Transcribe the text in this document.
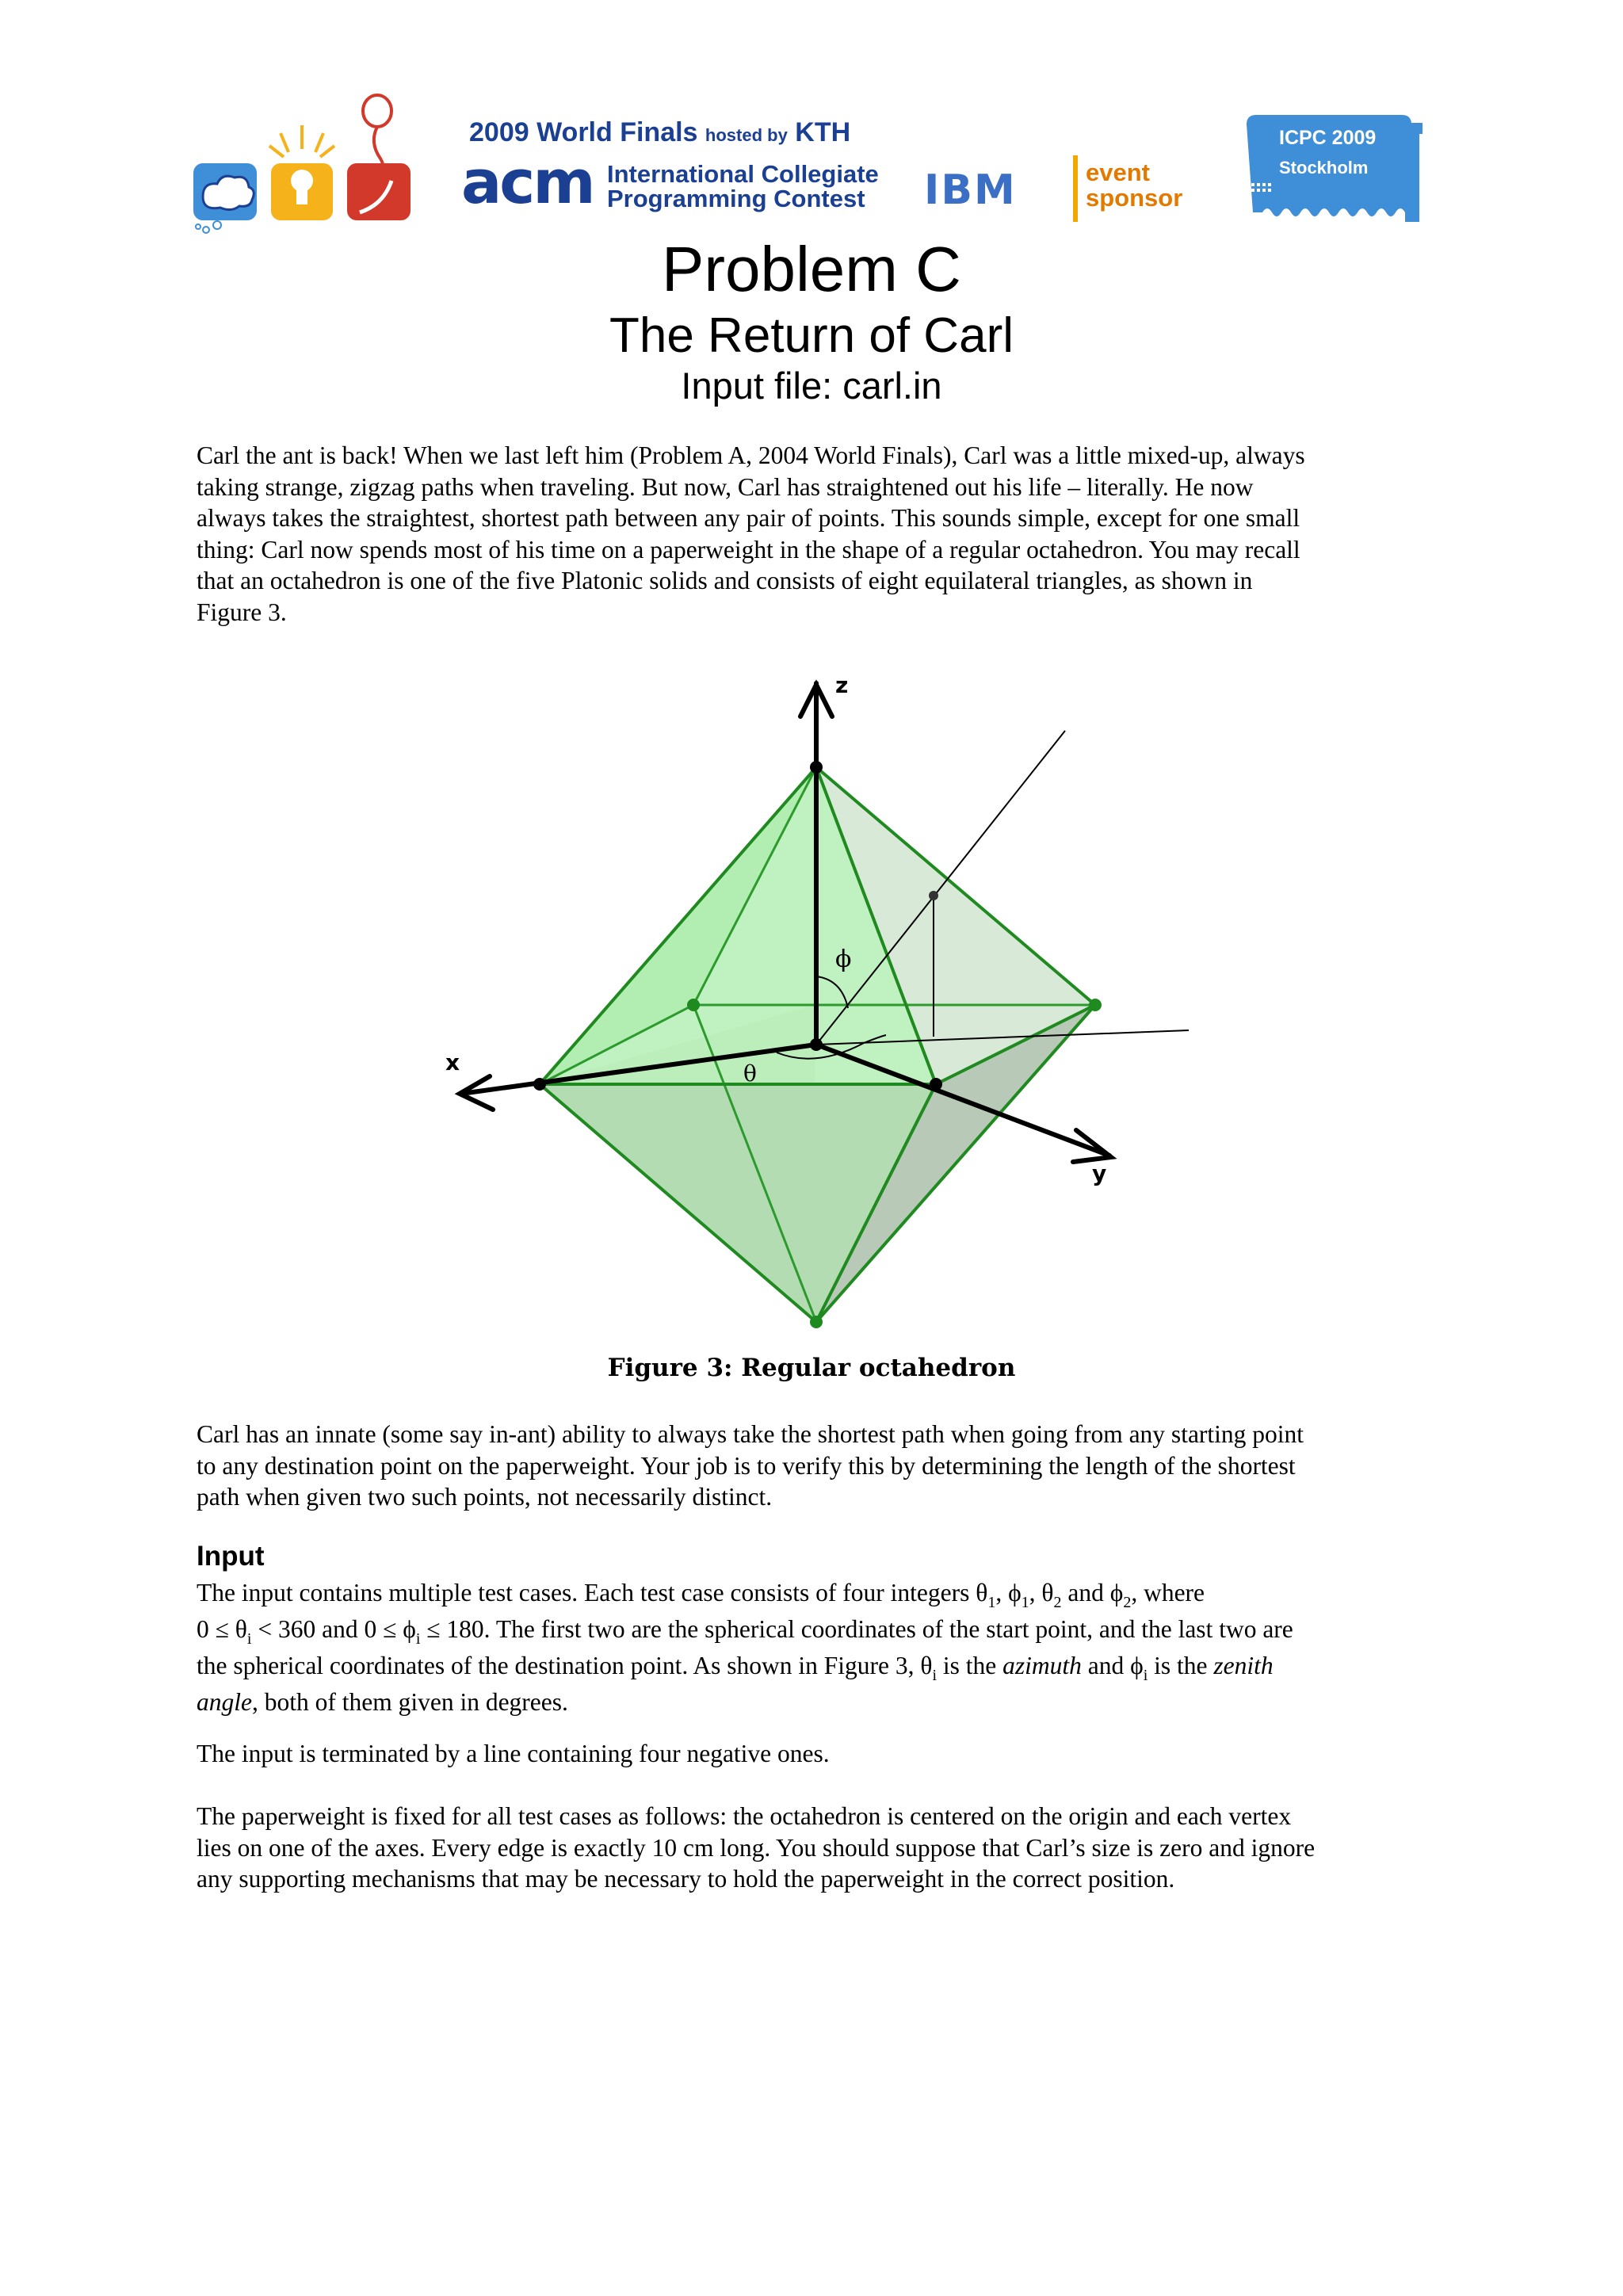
2009 World Finals hosted by KTH
acm International Collegiate
Programming Contest	IBM	event
sponsor
ICPC 2009
Stockholm
Problem C
The Return of Carl
Input file: carl.in
Carl the ant is back! When we last left him (Problem A, 2004 World Finals), Carl was a little mixed-up, always
taking strange, zigzag paths when traveling. But now, Carl has straightened out his life – literally. He now
always takes the straightest, shortest path between any pair of points. This sounds simple, except for one small
thing: Carl now spends most of his time on a paperweight in the shape of a regular octahedron. You may recall
that an octahedron is one of the five Platonic solids and consists of eight equilateral triangles, as shown in
Figure 3.
z
x
y
ϕ
θ
Figure 3: Regular octahedron
Carl has an innate (some say in-ant) ability to always take the shortest path when going from any starting point
to any destination point on the paperweight. Your job is to verify this by determining the length of the shortest
path when given two such points, not necessarily distinct.
Input
The input contains multiple test cases. Each test case consists of four integers $\theta_1$, $\phi_1$, $\theta_2$ and $\phi_2$, where
$0 \le \theta_i < 360$ and $0 \le \phi_i \le 180$. The first two are the spherical coordinates of the start point, and the last two are
the spherical coordinates of the destination point. As shown in Figure 3, $\theta_i$ is the azimuth and $\phi_i$ is the zenith
angle, both of them given in degrees.
The input is terminated by a line containing four negative ones.
The paperweight is fixed for all test cases as follows: the octahedron is centered on the origin and each vertex
lies on one of the axes. Every edge is exactly 10 cm long. You should suppose that Carl’s size is zero and ignore
any supporting mechanisms that may be necessary to hold the paperweight in the correct position.
